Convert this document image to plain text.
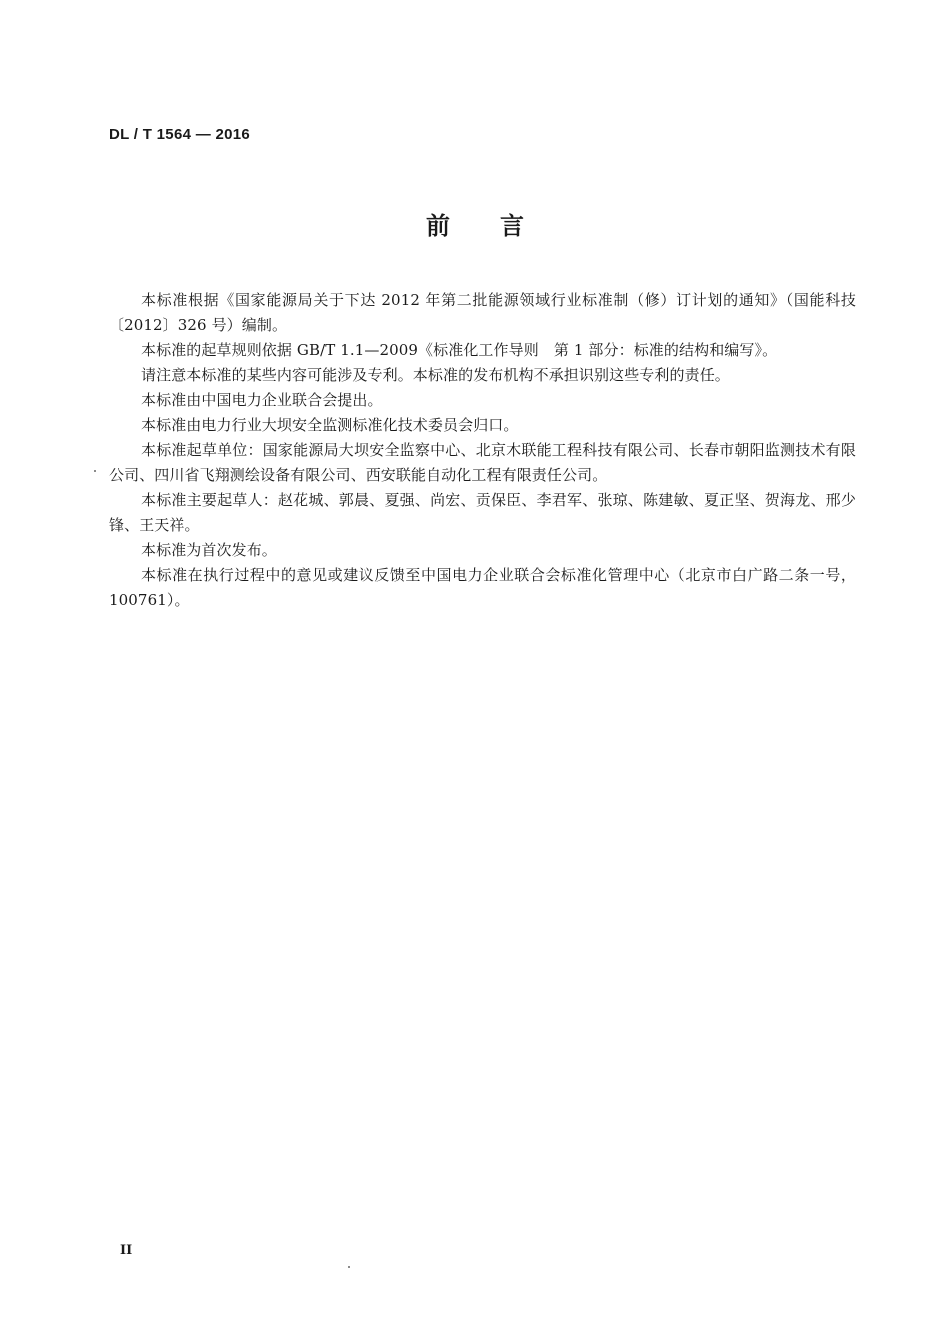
DL / T 1564 — 2016
前言

本标准根据《国家能源局关于下达 2012 年第二批能源领域行业标准制（修）订计划的通知》（国能科技〔2012〕326 号）编制。

本标准的起草规则依据 GB/T 1.1—2009《标准化工作导则　第 1 部分：标准的结构和编写》。

请注意本标准的某些内容可能涉及专利。本标准的发布机构不承担识别这些专利的责任。

本标准由中国电力企业联合会提出。

本标准由电力行业大坝安全监测标准化技术委员会归口。

本标准起草单位：国家能源局大坝安全监察中心、北京木联能工程科技有限公司、长春市朝阳监测技术有限公司、四川省飞翔测绘设备有限公司、西安联能自动化工程有限责任公司。

本标准主要起草人：赵花城、郭晨、夏强、尚宏、贡保臣、李君军、张琼、陈建敏、夏正坚、贺海龙、邢少锋、王天祥。

本标准为首次发布。

本标准在执行过程中的意见或建议反馈至中国电力企业联合会标准化管理中心（北京市白广路二条一号，100761）。

II
